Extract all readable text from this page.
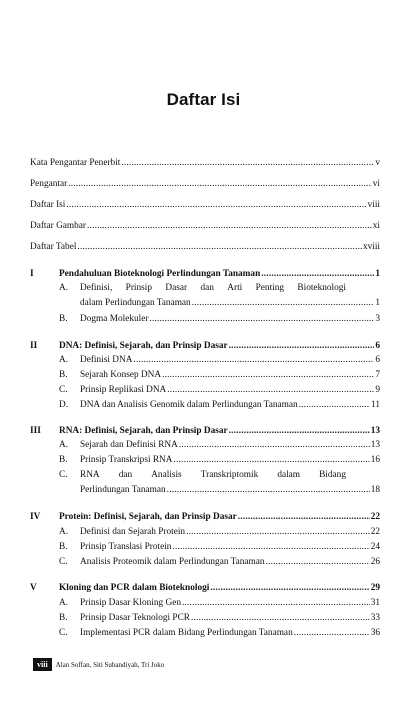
Daftar Isi
Kata Pengantar Penerbit .....	v
Pengantar .....	vi
Daftar Isi .....	viii
Daftar Gambar .....	xi
Daftar Tabel .....	xviii
I	Pendahuluan Bioteknologi Perlindungan Tanaman .....	1
A. Definisi, Prinsip Dasar dan Arti Penting Bioteknologi
dalam Perlindungan Tanaman .....	1
B. Dogma Molekuler .....	3
II DNA: Definisi, Sejarah, dan Prinsip Dasar .....	6
A. Definisi DNA .....	6
B. Sejarah Konsep DNA .....	7
C. Prinsip Replikasi DNA .....	9
D. DNA dan Analisis Genomik dalam Perlindungan Tanaman .....	11
III RNA: Definisi, Sejarah, dan Prinsip Dasar .....	13
A. Sejarah dan Definisi RNA .....	13
B. Prinsip Transkripsi RNA .....	16
C. RNA dan Analisis Transkriptomik dalam Bidang
Perlindungan Tanaman .....	18
IV Protein: Definisi, Sejarah, dan Prinsip Dasar .....	22
A. Definisi dan Sejarah Protein .....	22
B. Prinsip Translasi Protein .....	24
C. Analisis Proteomik dalam Perlindungan Tanaman .....	26
V Kloning dan PCR dalam Bioteknologi .....	29
A. Prinsip Dasar Kloning Gen .....	31
B. Prinsip Dasar Teknologi PCR .....	33
C. Implementasi PCR dalam Bidang Perlindungan Tanaman .....	36
viii	Alan Soffan, Siti Subandiyah, Tri Joko
